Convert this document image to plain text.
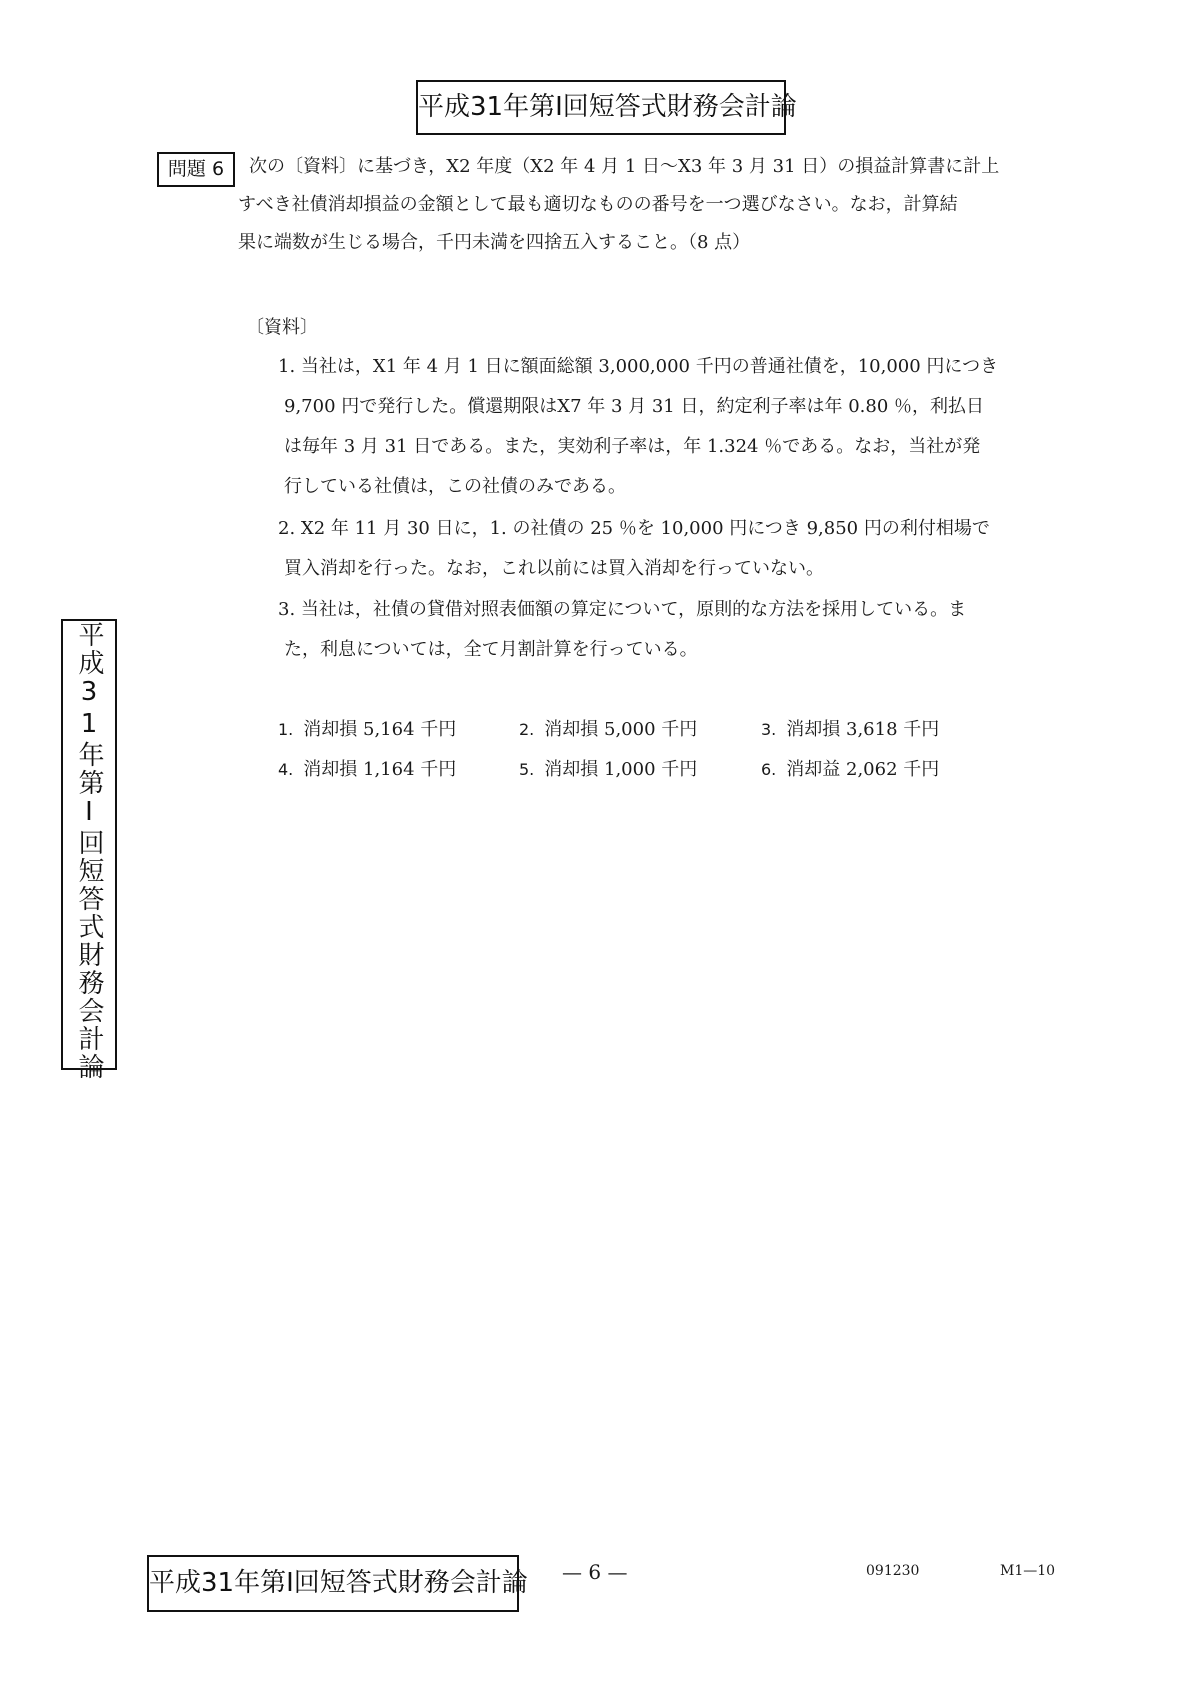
平成31年第Ⅰ回短答式財務会計論
平成31年第Ⅰ回短答式財務会計論
問題 6	次の〔資料〕に基づき，X2 年度（X2 年 4 月 1 日〜X3 年 3 月 31 日）の損益計算書に計上
すべき社債消却損益の金額として最も適切なものの番号を一つ選びなさい。なお，計算結
果に端数が生じる場合，千円未満を四捨五入すること。（8 点）
〔資料〕
1. 当社は，X1 年 4 月 1 日に額面総額 3,000,000 千円の普通社債を，10,000 円につき
9,700 円で発行した。償還期限はX7 年 3 月 31 日，約定利子率は年 0.80 ％，利払日
は毎年 3 月 31 日である。また，実効利子率は，年 1.324 ％である。なお，当社が発
行している社債は，この社債のみである。
2. X2 年 11 月 30 日に，1. の社債の 25 ％を 10,000 円につき 9,850 円の利付相場で
買入消却を行った。なお，これ以前には買入消却を行っていない。
3. 当社は，社債の貸借対照表価額の算定について，原則的な方法を採用している。ま
た，利息については，全て月割計算を行っている。
1. 消却損 5,164 千円	2. 消却損 5,000 千円	3. 消却損 3,618 千円
4. 消却損 1,164 千円	5. 消却損 1,000 千円	6. 消却益 2,062 千円
平成31年第Ⅰ回短答式財務会計論 — 6 —	091230	M1—10
